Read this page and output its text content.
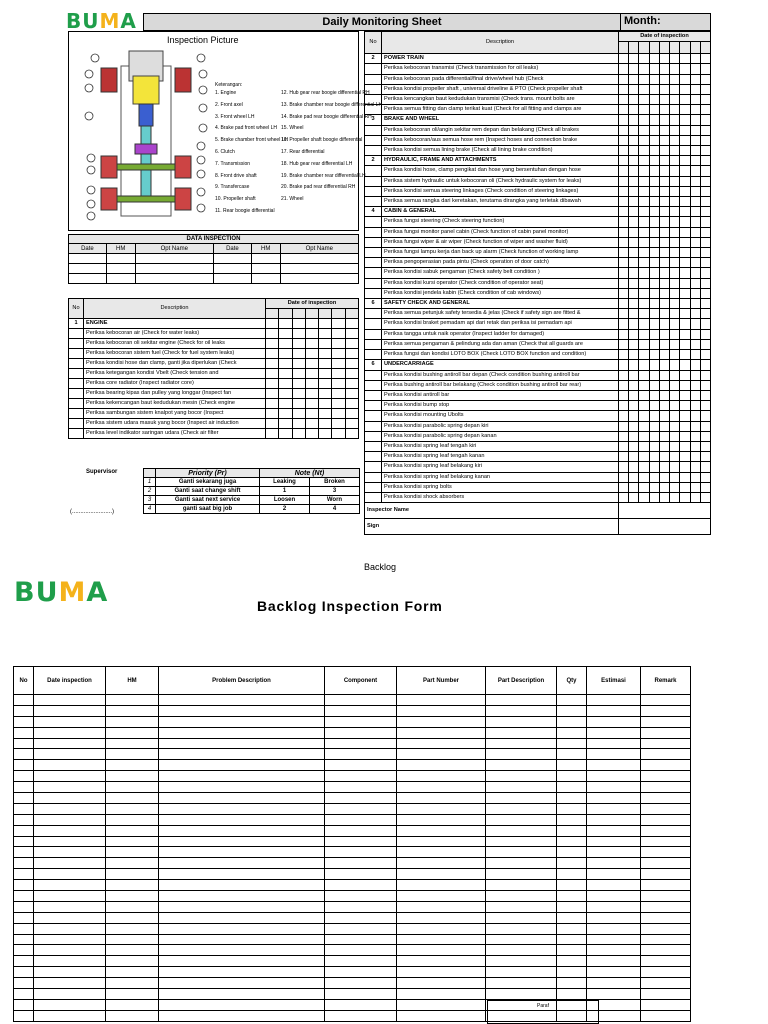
BUMA	Daily Monitoring Sheet	Month:
Inspection Picture
Keterangan:
1. Engine
2. Front axel
3. Front wheel LH
4. Brake pad front wheel LH
5. Brake chamber front wheel LH
6. Clutch
7. Transmission
8. Front drive shaft
9. Transfercase
10. Propeller shaft
11. Rear boogie differential
12. Hub gear rear boogie differential RH
13. Brake chamber rear boogie differential LH
14. Brake pad rear boogie differential RH
15. Wheel
16. Propeller shaft boogie differential
17. Rear differential
18. Hub gear rear differential LH
19. Brake chamber rear differential LH
20. Brake pad rear differential RH
21. Wheel
DATA INSPECTION					
Date	HM	Opt Name	Date	HM	Opt Name

No	Description	Date of inspection						

1	ENGINE							
	Periksa kebocoran air (Check for water leaks)							
	Periksa kebocoran oli sekitar engine (Check for oil leaks							
	Periksa kebocoran sistem fuel (Check for fuel system leaks)							
	Periksa kondisi hose dan clamp, ganti jika diperlukan (Check							
	Periksa ketegangan kondisi Vbelt (Check tension and							
	Periksa core radiator (Inspect radiator core)							
	Periksa bearing kipas dan pulley yang longgar (Inspect fan							
	Periksa kekencangan baut kedudukan mesin (Check engine							
	Periksa sambungan sistem knalpot yang bocor (Inspect							
	Periksa sistem udara masuk yang bocor (Inspect air induction							
	Periksa level indikator saringan udara (Check air filter							
No	Description	Date of inspection								

2	POWER TRAIN									
	Periksa kebocoran transmisi (Check transmission for oil leaks)									
	Periksa kebocoran pada differential/final drive/wheel hub (Check									
	Periksa kondisi propeller shaft , universal driveline & PTO (Check propeller shaft									
	Periksa kencangkan baut kedudukan transmisi (Check trans. mount bolts are									
	Periksa semua fitting dan clamp terikat kuat (Check for all fitting and clamps are									
3	BRAKE AND WHEEL									
	Periksa kebocoran oli/angin sekitar rem depan dan belakang (Check all brakes									
	Periksa kebocoran/aus semua hose rem (Inspect hoses and connection brake									
	Periksa kondisi semua lining brake (Check all lining brake condition)									
2	HYDRAULIC, FRAME AND ATTACHMENTS									
	Periksa kondisi hose, clamp pengikat dan hose yang bersentuhan dengan hose									
	Periksa sistem hydraulic untuk kebocoran oli (Check hydraulic system for leaks)									
	Periksa kondisi semua steering linkages (Check condition of steering linkages)									
	Periksa semua rangka dari keretakan, terutama dirangka yang terletak dibawah									
4	CABIN & GENERAL									
	Periksa fungsi steering (Check steering function)									
	Periksa fungsi monitor panel cabin (Check function of cabin panel monitor)									
	Periksa fungsi wiper & air wiper (Check function of wiper and washer fluid)									
	Periksa fungsi lampu kerja dan back up alarm (Check function of working lamp									
	Periksa pengoperasian pada pintu (Check operation of door catch)									
	Periksa kondisi sabuk pengaman (Check safety belt condition )									
	Periksa kondisi kursi operator (Check condition of operator seat)									
	Periksa kondisi jendela kabin (Check condition of cab windows)									
6	SAFETY CHECK AND GENERAL									
	Periksa semua petunjuk safety tersedia & jelas (Check if safety sign are fitted &									
	Periksa kondisi braket pemadam api dari retak dan periksa isi pemadam api									
	Periksa tangga untuk naik operator (Inspect ladder for damaged)									
	Periksa semua pengaman & pelindung ada dan aman (Check that all guards are									
	Periksa fungsi dan kondisi LOTO BOX (Check LOTO BOX function and condition)									
6	UNDERCARRIAGE									
	Periksa kondisi bushing antiroll bar depan (Check condition bushing antiroll bar									
	Periksa bushing antiroll bar belakang (Check condition bushing antiroll bar rear)									
	Periksa kondisi antiroll bar									
	Periksa kondisi bump stop									
	Periksa kondisi mounting Ubolts									
	Periksa kondisi parabolic spring depan kiri									
	Periksa kondisi parabolic spring depan kanan									
	Periksa kondisi spring leaf tengah kiri									
	Periksa kondisi spring leaf tengah kanan									
	Periksa kondisi spring leaf belakang kiri									
	Periksa kondisi spring leaf belakang kanan									
	Periksa kondisi spring bolts									
	Periksa kondisi shock absorbers									
Inspector Name										
Sign										
Supervisor
(........................)
	Priority (Pr)	Note (Nt)	
1	Ganti sekarang juga	Leaking	Broken
2	Ganti saat change shift	1	3
3	Ganti saat next service	Loosen	Worn
4	ganti saat big job	2	4
Backlog
BUMA	Backlog Inspection Form
No	Date inspection	HM	Problem Description	Component	Part Number	Part Description	Qty	Estimasi	Remark

Paraf
